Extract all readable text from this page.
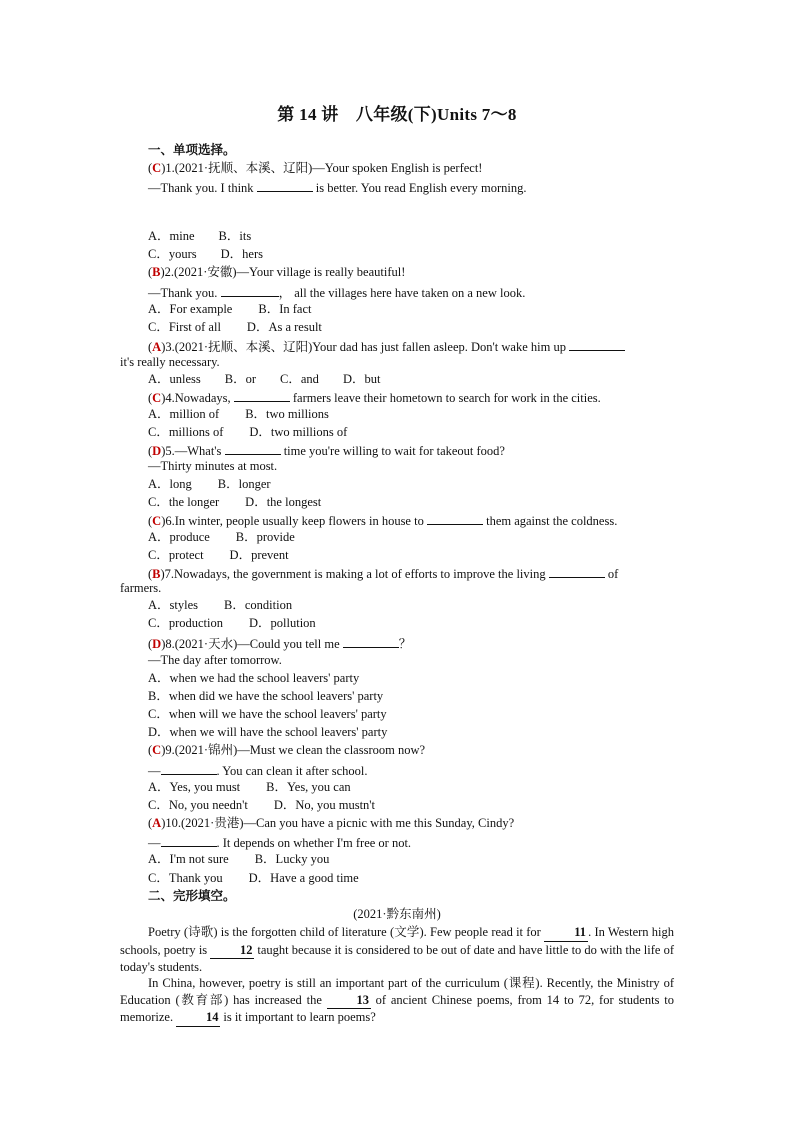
第 14 讲　八年级(下)Units 7～8
一、单项选择。
(C)1.(2021·抚顺、本溪、辽阳)—Your spoken English is perfect!
—Thank you. I think	is better. You read English every morning.
A．mine B．its
C．yours D．hers
(B)2.(2021·安徽)—Your village is really beautiful!
—Thank you.	， all the villages here have taken on a new look.
A．For example B．In fact
C．First of all D．As a result
(A)3.(2021·抚顺、本溪、辽阳)Your dad has just fallen asleep. Don't wake him up
it's really necessary.
A．unless B．or C．and D．but
(C)4.Nowadays,	farmers leave their hometown to search for work in the cities.
A．million of B．two millions
C．millions of D．two millions of
(D)5.—What's	time you're willing to wait for takeout food?
—Thirty minutes at most.
A．long B．longer
C．the longer D．the longest
(C)6.In winter, people usually keep flowers in house to	them against the coldness.
A．produce B．provide
C．protect D．prevent
(B)7.Nowadays, the government is making a lot of efforts to improve the living	of
farmers.
A．styles B．condition
C．production D．pollution
(D)8.(2021·天水)—Could you tell me	？
—The day after tomorrow.
A．when we had the school leavers' party
B．when did we have the school leavers' party
C．when will we have the school leavers' party
D．when we will have the school leavers' party
(C)9.(2021·锦州)—Must we clean the classroom now?
—	. You can clean it after school.
A．Yes, you must B．Yes, you can
C．No, you needn't D．No, you mustn't
(A)10.(2021·贵港)—Can you have a picnic with me this Sunday, Cindy?
—	. It depends on whether I'm free or not.
A．I'm not sure B．Lucky you
C．Thank you D．Have a good time
二、完形填空。
(2021·黔东南州)
Poetry (诗歌) is the forgotten child of literature (文学). Few people read it for 11 . In Western high schools, poetry is 12 taught because it is considered to be out of date and have little to do with the life of today's students.
In China, however, poetry is still an important part of the curriculum (课程). Recently, the Ministry of Education (教育部) has increased the 13 of ancient Chinese poems, from 14 to 72, for students to memorize. 14 is it important to learn poems?
